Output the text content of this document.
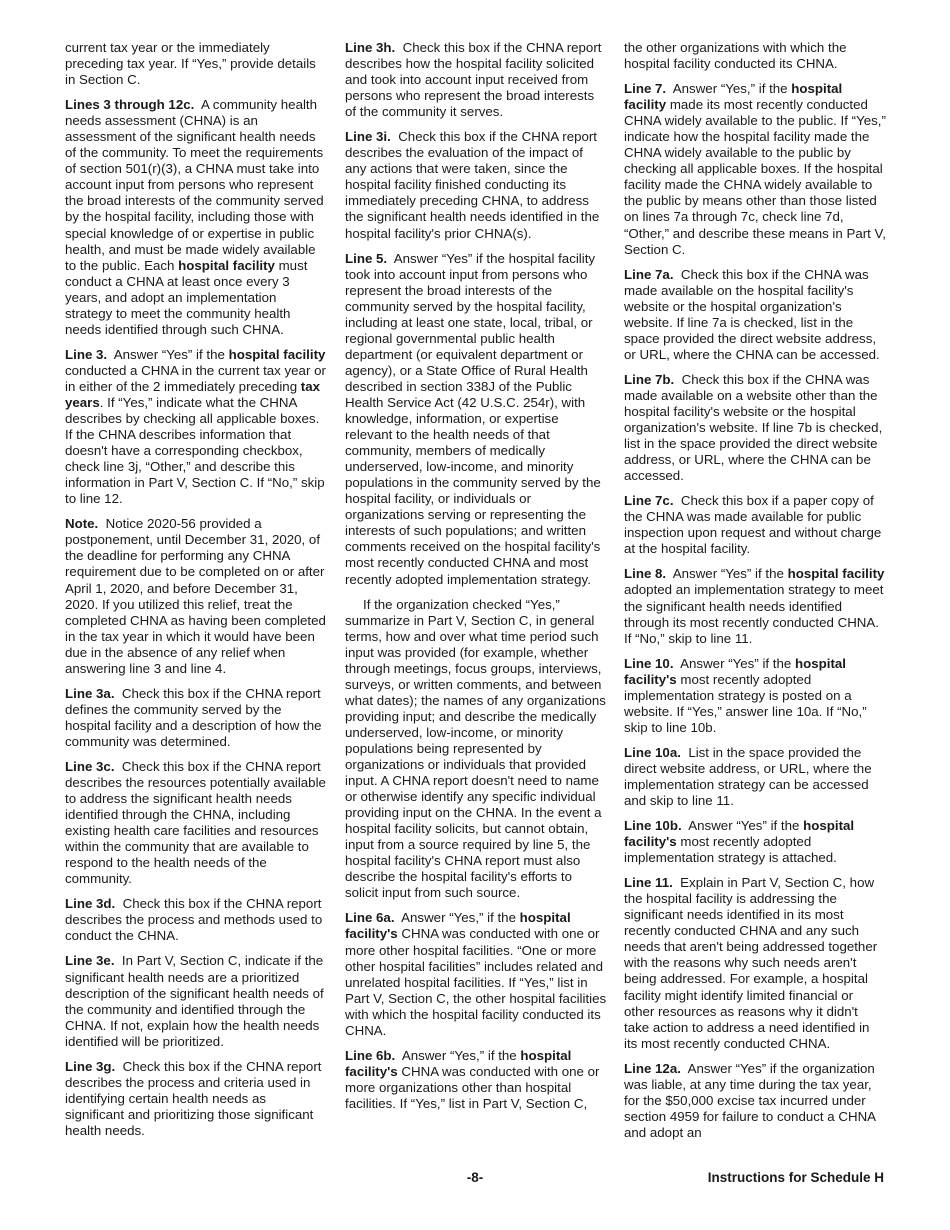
current tax year or the immediately preceding tax year. If “Yes,” provide details in Section C.

Lines 3 through 12c. A community health needs assessment (CHNA) is an assessment of the significant health needs of the community. To meet the requirements of section 501(r)(3), a CHNA must take into account input from persons who represent the broad interests of the community served by the hospital facility, including those with special knowledge of or expertise in public health, and must be made widely available to the public. Each hospital facility must conduct a CHNA at least once every 3 years, and adopt an implementation strategy to meet the community health needs identified through such CHNA.

Line 3. Answer “Yes” if the hospital facility conducted a CHNA in the current tax year or in either of the 2 immediately preceding tax years. If “Yes,” indicate what the CHNA describes by checking all applicable boxes. If the CHNA describes information that doesn't have a corresponding checkbox, check line 3j, “Other,” and describe this information in Part V, Section C. If “No,” skip to line 12.

Note. Notice 2020-56 provided a postponement, until December 31, 2020, of the deadline for performing any CHNA requirement due to be completed on or after April 1, 2020, and before December 31, 2020. If you utilized this relief, treat the completed CHNA as having been completed in the tax year in which it would have been due in the absence of any relief when answering line 3 and line 4.

Line 3a. Check this box if the CHNA report defines the community served by the hospital facility and a description of how the community was determined.

Line 3c. Check this box if the CHNA report describes the resources potentially available to address the significant health needs identified through the CHNA, including existing health care facilities and resources within the community that are available to respond to the health needs of the community.

Line 3d. Check this box if the CHNA report describes the process and methods used to conduct the CHNA.

Line 3e. In Part V, Section C, indicate if the significant health needs are a prioritized description of the significant health needs of the community and identified through the CHNA. If not, explain how the health needs identified will be prioritized.

Line 3g. Check this box if the CHNA report describes the process and criteria used in identifying certain health needs as significant and prioritizing those significant health needs.

Line 3h. Check this box if the CHNA report describes how the hospital facility solicited and took into account input received from persons who represent the broad interests of the community it serves.

Line 3i. Check this box if the CHNA report describes the evaluation of the impact of any actions that were taken, since the hospital facility finished conducting its immediately preceding CHNA, to address the significant health needs identified in the hospital facility's prior CHNA(s).

Line 5. Answer “Yes” if the hospital facility took into account input from persons who represent the broad interests of the community served by the hospital facility, including at least one state, local, tribal, or regional governmental public health department (or equivalent department or agency), or a State Office of Rural Health described in section 338J of the Public Health Service Act (42 U.S.C. 254r), with knowledge, information, or expertise relevant to the health needs of that community, members of medically underserved, low-income, and minority populations in the community served by the hospital facility, or individuals or organizations serving or representing the interests of such populations; and written comments received on the hospital facility's most recently conducted CHNA and most recently adopted implementation strategy.

If the organization checked “Yes,” summarize in Part V, Section C, in general terms, how and over what time period such input was provided (for example, whether through meetings, focus groups, interviews, surveys, or written comments, and between what dates); the names of any organizations providing input; and describe the medically underserved, low-income, or minority populations being represented by organizations or individuals that provided input. A CHNA report doesn't need to name or otherwise identify any specific individual providing input on the CHNA. In the event a hospital facility solicits, but cannot obtain, input from a source required by line 5, the hospital facility's CHNA report must also describe the hospital facility's efforts to solicit input from such source.

Line 6a. Answer “Yes,” if the hospital facility's CHNA was conducted with one or more other hospital facilities. “One or more other hospital facilities” includes related and unrelated hospital facilities. If “Yes,” list in Part V, Section C, the other hospital facilities with which the hospital facility conducted its CHNA.

Line 6b. Answer “Yes,” if the hospital facility's CHNA was conducted with one or more organizations other than hospital facilities. If “Yes,” list in Part V, Section C,

the other organizations with which the hospital facility conducted its CHNA.

Line 7. Answer “Yes,” if the hospital facility made its most recently conducted CHNA widely available to the public. If “Yes,” indicate how the hospital facility made the CHNA widely available to the public by checking all applicable boxes. If the hospital facility made the CHNA widely available to the public by means other than those listed on lines 7a through 7c, check line 7d, “Other,” and describe these means in Part V, Section C.

Line 7a. Check this box if the CHNA was made available on the hospital facility's website or the hospital organization's website. If line 7a is checked, list in the space provided the direct website address, or URL, where the CHNA can be accessed.

Line 7b. Check this box if the CHNA was made available on a website other than the hospital facility's website or the hospital organization's website. If line 7b is checked, list in the space provided the direct website address, or URL, where the CHNA can be accessed.

Line 7c. Check this box if a paper copy of the CHNA was made available for public inspection upon request and without charge at the hospital facility.

Line 8. Answer “Yes” if the hospital facility adopted an implementation strategy to meet the significant health needs identified through its most recently conducted CHNA. If “No,” skip to line 11.

Line 10. Answer “Yes” if the hospital facility's most recently adopted implementation strategy is posted on a website. If “Yes,” answer line 10a. If “No,” skip to line 10b.

Line 10a. List in the space provided the direct website address, or URL, where the implementation strategy can be accessed and skip to line 11.

Line 10b. Answer “Yes” if the hospital facility's most recently adopted implementation strategy is attached.

Line 11. Explain in Part V, Section C, how the hospital facility is addressing the significant needs identified in its most recently conducted CHNA and any such needs that aren't being addressed together with the reasons why such needs aren't being addressed. For example, a hospital facility might identify limited financial or other resources as reasons why it didn't take action to address a need identified in its most recently conducted CHNA.

Line 12a. Answer “Yes” if the organization was liable, at any time during the tax year, for the $50,000 excise tax incurred under section 4959 for failure to conduct a CHNA and adopt an

-8-	Instructions for Schedule H
